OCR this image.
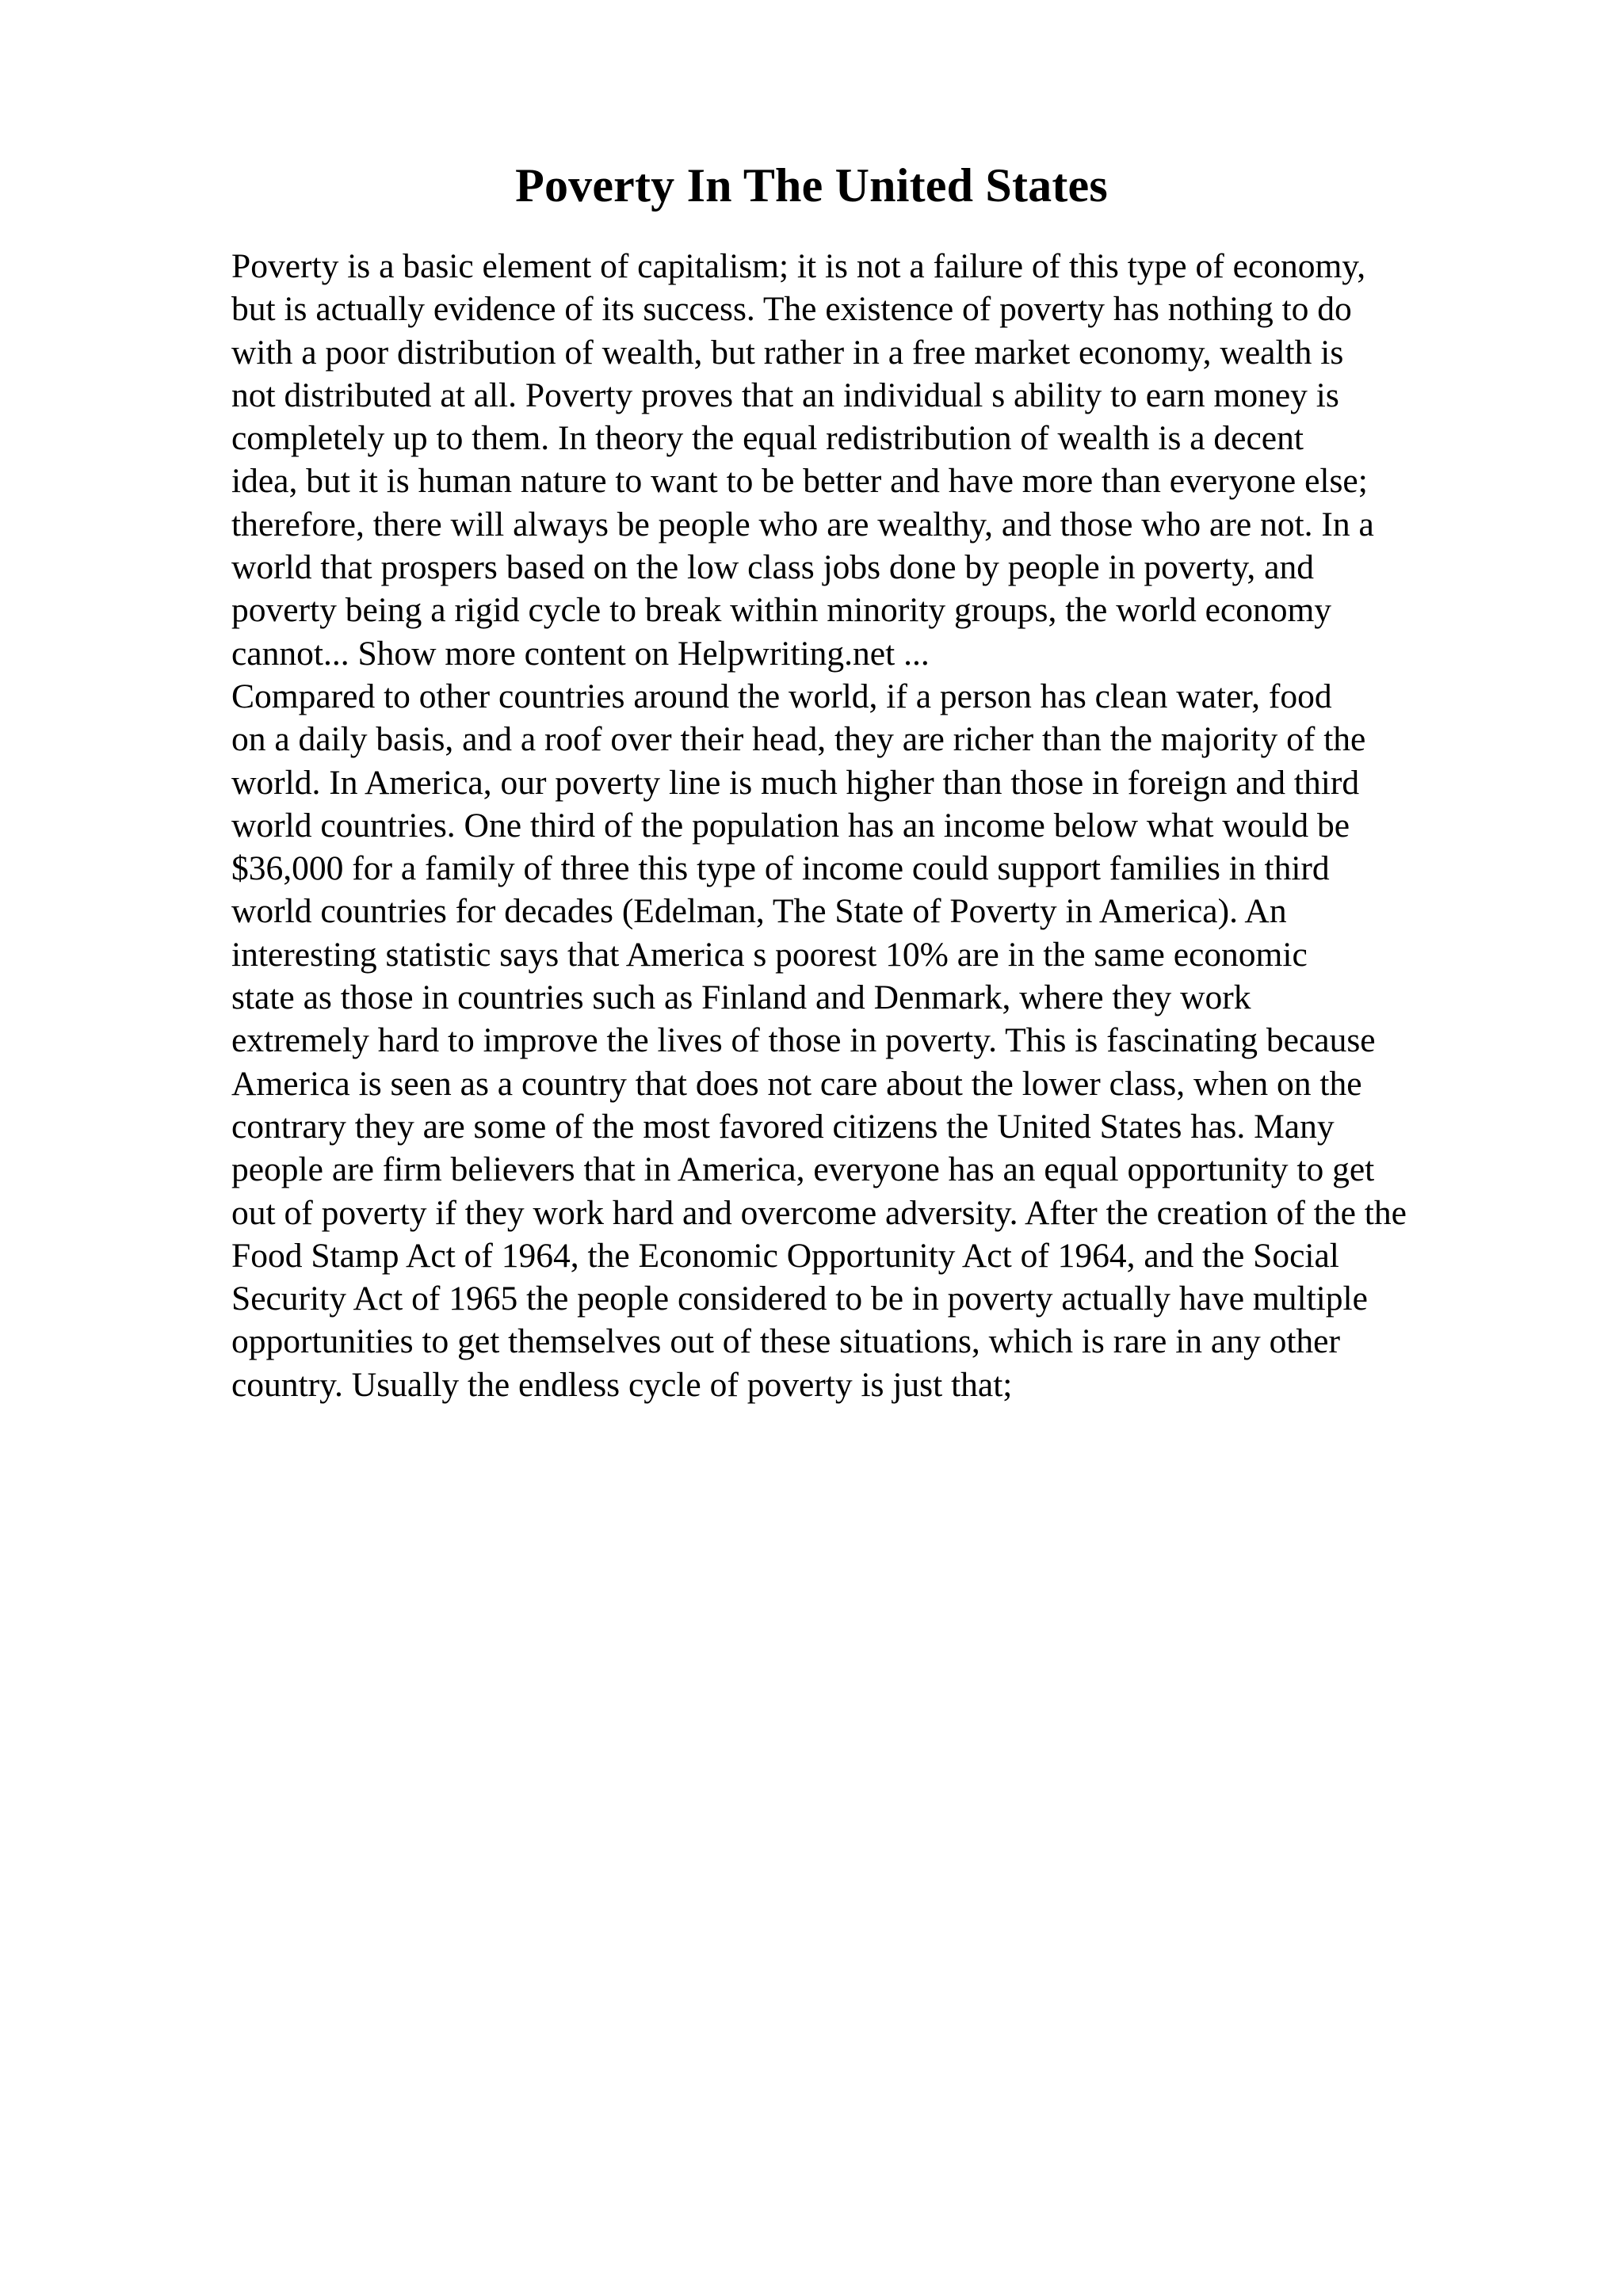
Poverty In The United States

Poverty is a basic element of capitalism; it is not a failure of this type of economy,
but is actually evidence of its success. The existence of poverty has nothing to do
with a poor distribution of wealth, but rather in a free market economy, wealth is
not distributed at all. Poverty proves that an individual s ability to earn money is
completely up to them. In theory the equal redistribution of wealth is a decent
idea, but it is human nature to want to be better and have more than everyone else;
therefore, there will always be people who are wealthy, and those who are not. In a
world that prospers based on the low class jobs done by people in poverty, and
poverty being a rigid cycle to break within minority groups, the world economy
cannot... Show more content on Helpwriting.net ...

Compared to other countries around the world, if a person has clean water, food
on a daily basis, and a roof over their head, they are richer than the majority of the
world. In America, our poverty line is much higher than those in foreign and third
world countries. One third of the population has an income below what would be
$36,000 for a family of three this type of income could support families in third
world countries for decades (Edelman, The State of Poverty in America). An
interesting statistic says that America s poorest 10% are in the same economic
state as those in countries such as Finland and Denmark, where they work
extremely hard to improve the lives of those in poverty. This is fascinating because
America is seen as a country that does not care about the lower class, when on the
contrary they are some of the most favored citizens the United States has. Many
people are firm believers that in America, everyone has an equal opportunity to get
out of poverty if they work hard and overcome adversity. After the creation of the the
Food Stamp Act of 1964, the Economic Opportunity Act of 1964, and the Social
Security Act of 1965 the people considered to be in poverty actually have multiple
opportunities to get themselves out of these situations, which is rare in any other
country. Usually the endless cycle of poverty is just that;
